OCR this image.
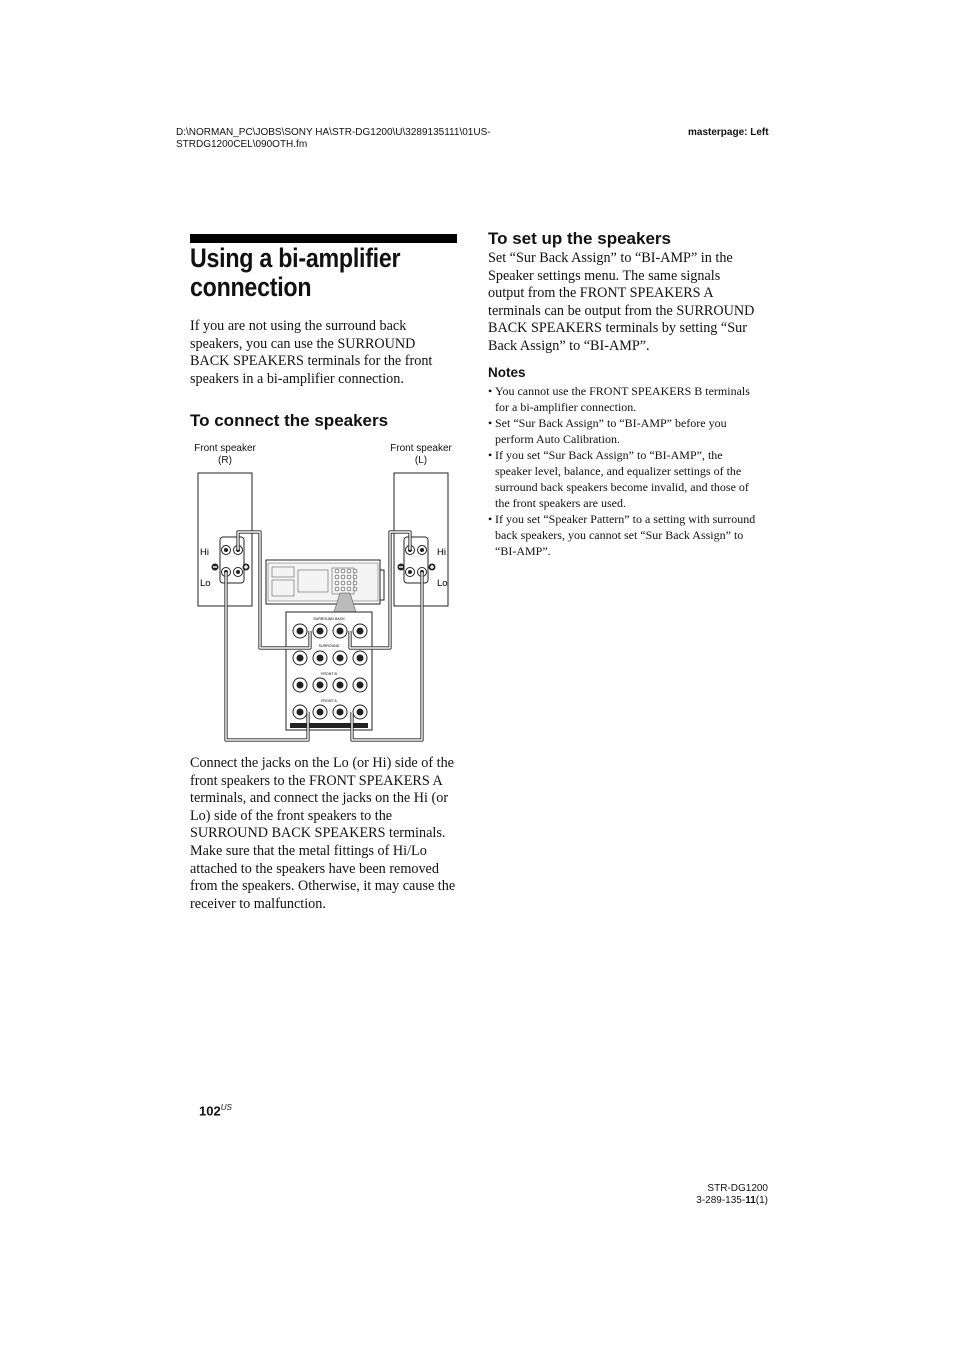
D:\NORMAN_PC\JOBS\SONY HA\STR-DG1200\U\3289135111\01US-
STRDG1200CEL\090OTH.fm
masterpage: Left
Using a bi-amplifier connection
If you are not using the surround back speakers, you can use the SURROUND BACK SPEAKERS terminals for the front speakers in a bi-amplifier connection.
To connect the speakers
Front speaker (R)
Front speaker (L)
Hi
Lo
Hi
Lo
SURROUND BACK
SURROUND
FRONT B
FRONT A
Connect the jacks on the Lo (or Hi) side of the front speakers to the FRONT SPEAKERS A terminals, and connect the jacks on the Hi (or Lo) side of the front speakers to the SURROUND BACK SPEAKERS terminals. Make sure that the metal fittings of Hi/Lo attached to the speakers have been removed from the speakers. Otherwise, it may cause the receiver to malfunction.
To set up the speakers
Set “Sur Back Assign” to “BI-AMP” in the Speaker settings menu. The same signals output from the FRONT SPEAKERS A terminals can be output from the SURROUND BACK SPEAKERS terminals by setting “Sur Back Assign” to “BI-AMP”.
Notes
• You cannot use the FRONT SPEAKERS B terminals for a bi-amplifier connection.
• Set “Sur Back Assign” to “BI-AMP” before you perform Auto Calibration.
• If you set “Sur Back Assign” to “BI-AMP”, the speaker level, balance, and equalizer settings of the surround back speakers become invalid, and those of the front speakers are used.
• If you set “Speaker Pattern” to a setting with surround back speakers, you cannot set “Sur Back Assign” to “BI-AMP”.
$102^{US}$
STR-DG1200
3-289-135-11(1)
